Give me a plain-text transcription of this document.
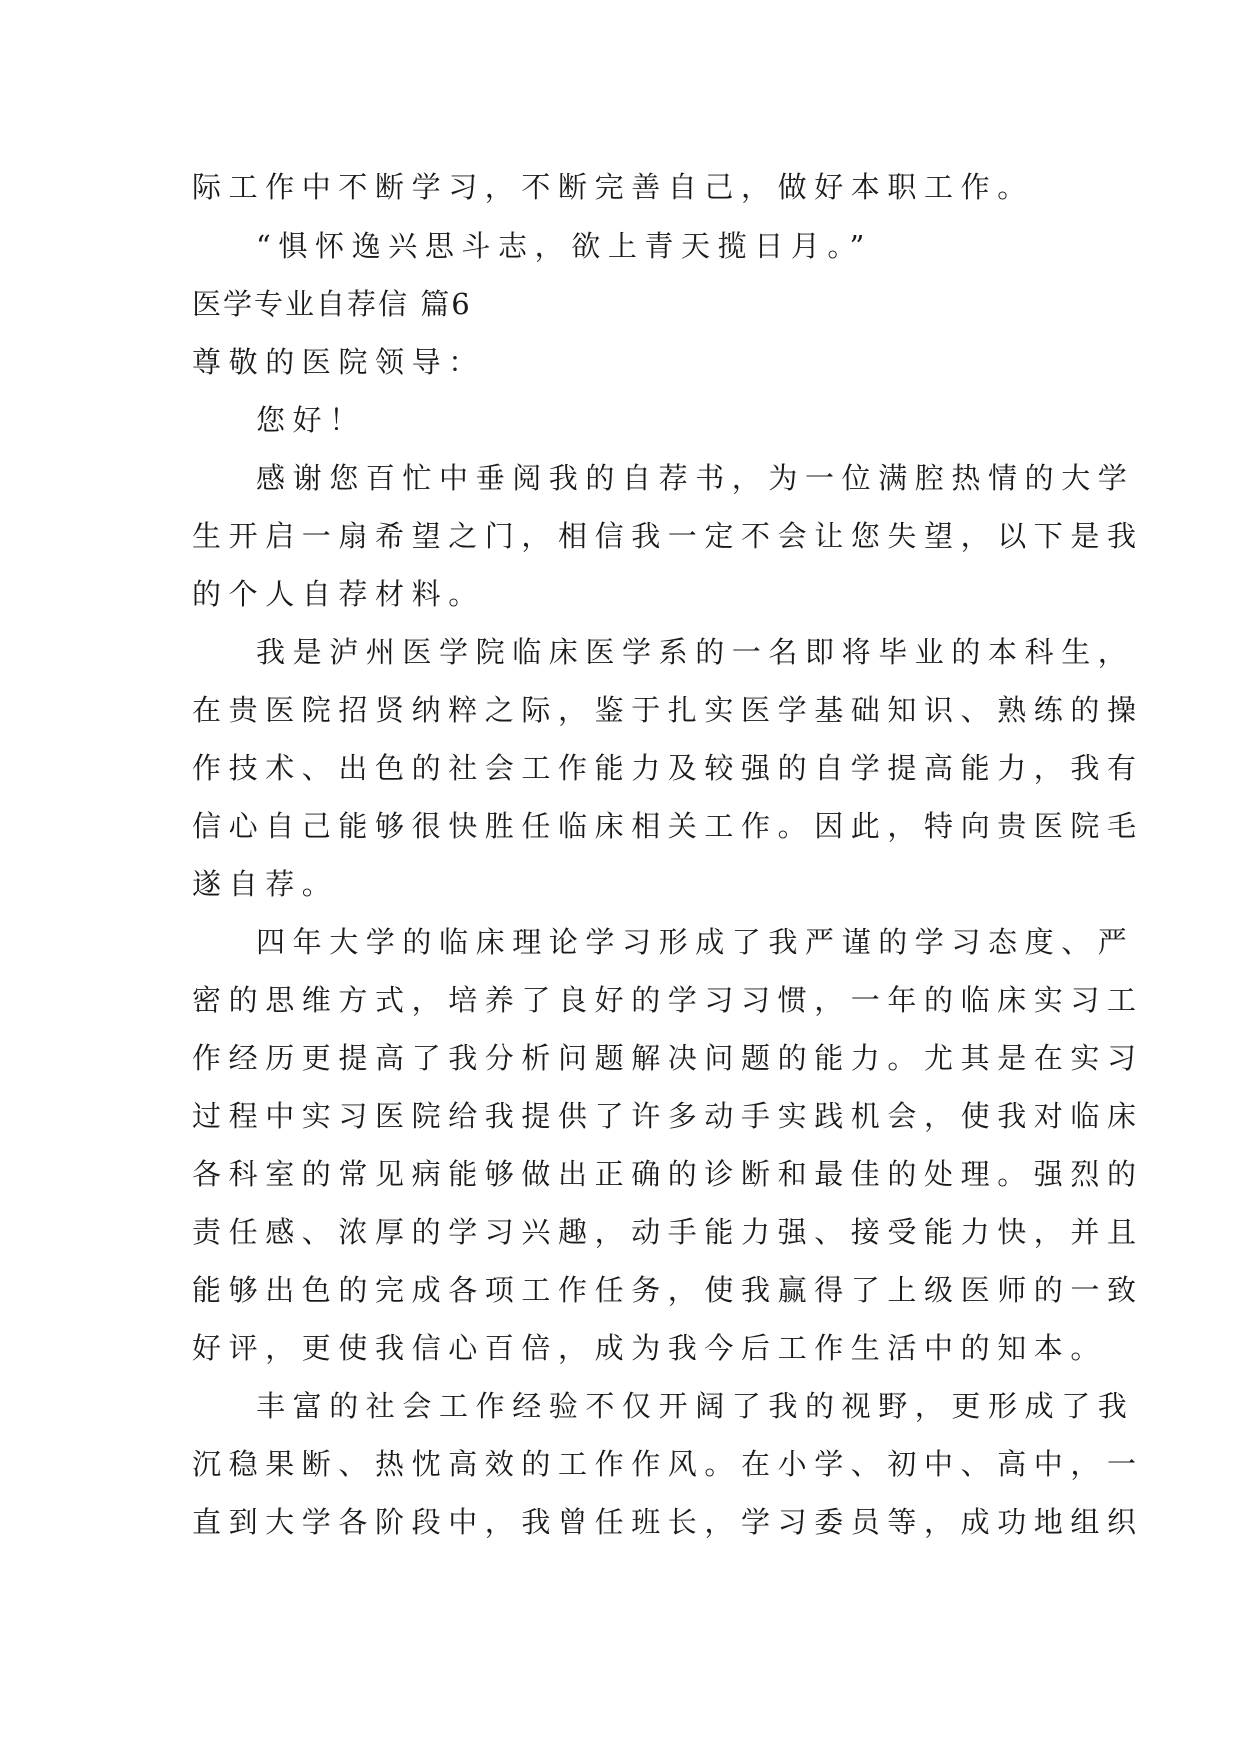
际工作中不断学习，不断完善自己，做好本职工作。

“惧怀逸兴思斗志，欲上青天揽日月。”

医学专业自荐信 篇6

尊敬的医院领导：

您好！

感谢您百忙中垂阅我的自荐书，为一位满腔热情的大学

生开启一扇希望之门，相信我一定不会让您失望，以下是我

的个人自荐材料。

我是泸州医学院临床医学系的一名即将毕业的本科生，

在贵医院招贤纳粹之际，鉴于扎实医学基础知识、熟练的操

作技术、出色的社会工作能力及较强的自学提高能力，我有

信心自己能够很快胜任临床相关工作。因此，特向贵医院毛

遂自荐。

四年大学的临床理论学习形成了我严谨的学习态度、严

密的思维方式，培养了良好的学习习惯，一年的临床实习工

作经历更提高了我分析问题解决问题的能力。尤其是在实习

过程中实习医院给我提供了许多动手实践机会，使我对临床

各科室的常见病能够做出正确的诊断和最佳的处理。强烈的

责任感、浓厚的学习兴趣，动手能力强、接受能力快，并且

能够出色的完成各项工作任务，使我赢得了上级医师的一致

好评，更使我信心百倍，成为我今后工作生活中的知本。

丰富的社会工作经验不仅开阔了我的视野，更形成了我

沉稳果断、热忱高效的工作作风。在小学、初中、高中，一

直到大学各阶段中，我曾任班长，学习委员等，成功地组织
